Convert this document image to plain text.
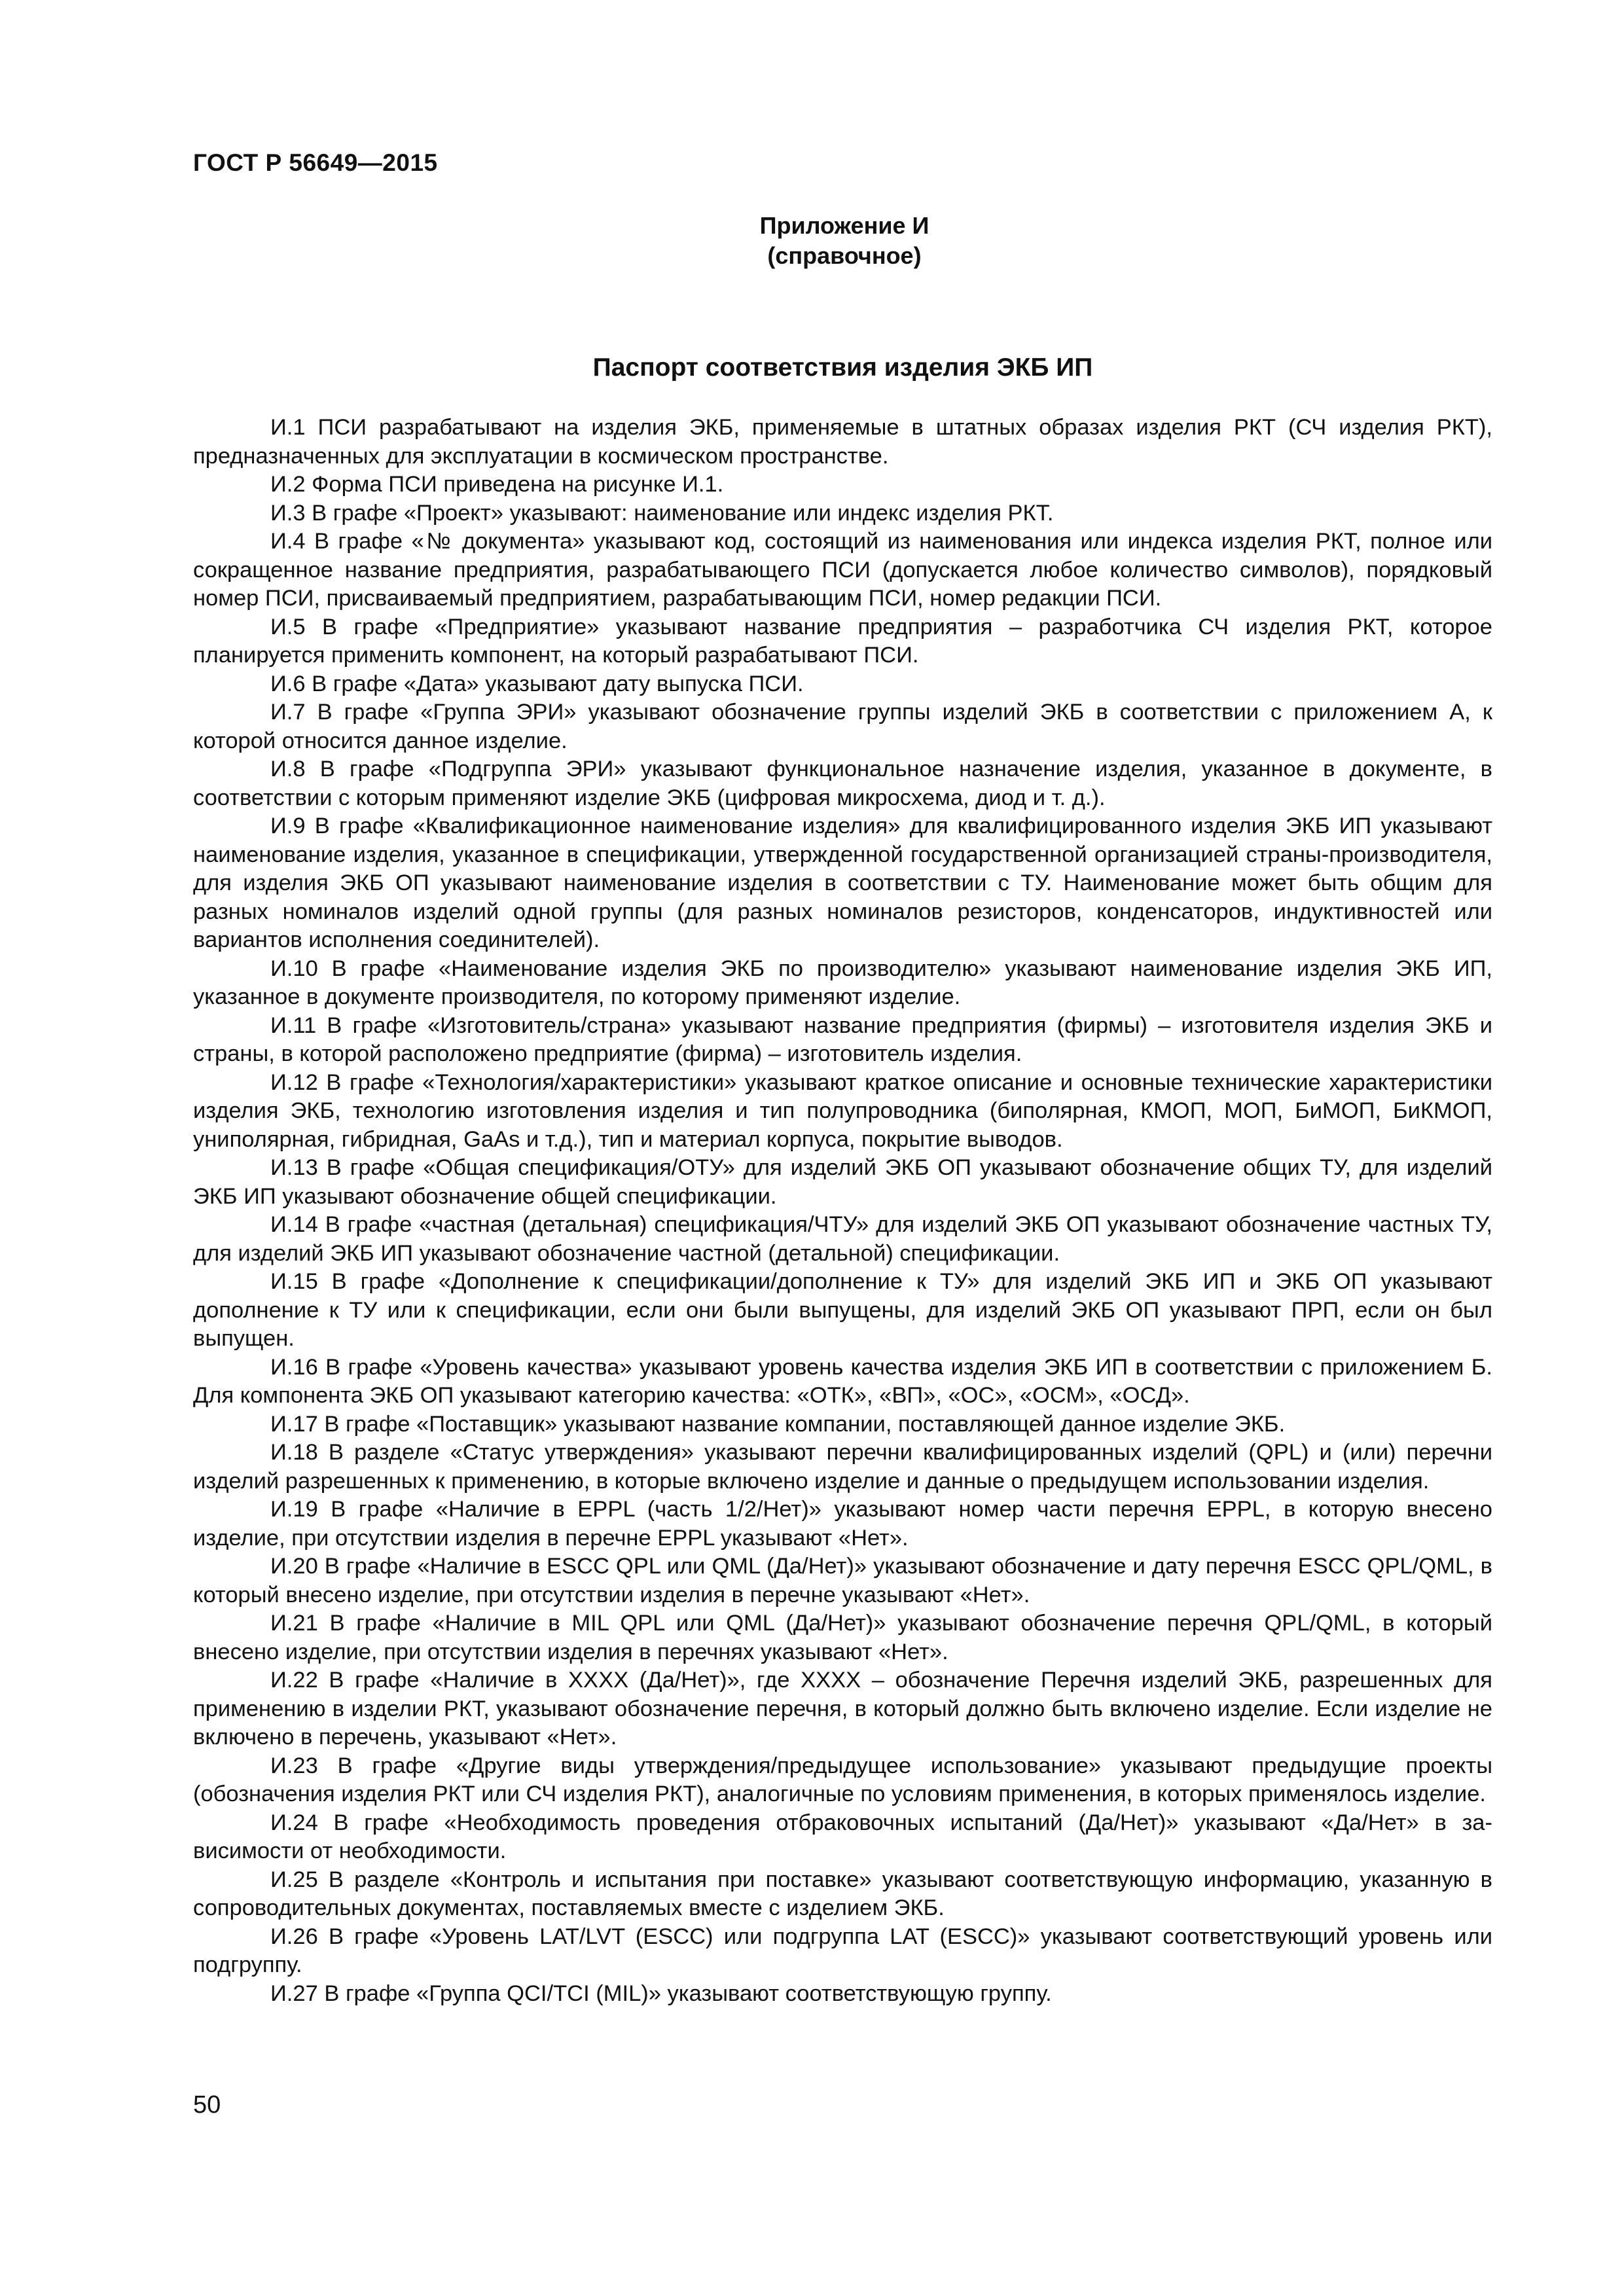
ГОСТ Р 56649—2015
Приложение И
(справочное)
Паспорт соответствия изделия ЭКБ ИП

И.1 ПСИ разрабатывают на изделия ЭКБ, применяемые в штатных образах изделия РКТ (СЧ изделия РКТ), предназначенных для эксплуатации в космическом пространстве.

И.2 Форма ПСИ приведена на рисунке И.1.

И.3 В графе «Проект» указывают: наименование или индекс изделия РКТ.

И.4 В графе «№ документа» указывают код, состоящий из наименования или индекса изделия РКТ, полное или сокращенное название предприятия, разрабатывающего ПСИ (допускается любое количество символов), порядковый номер ПСИ, присваиваемый предприятием, разрабатывающим ПСИ, номер редакции ПСИ.

И.5 В графе «Предприятие» указывают название предприятия – разработчика СЧ изделия РКТ, которое планируется применить компонент, на который разрабатывают ПСИ.

И.6 В графе «Дата» указывают дату выпуска ПСИ.

И.7 В графе «Группа ЭРИ» указывают обозначение группы изделий ЭКБ в соответствии с приложением А, к которой относится данное изделие.

И.8 В графе «Подгруппа ЭРИ» указывают функциональное назначение изделия, указанное в документе, в соответствии с которым применяют изделие ЭКБ (цифровая микросхема, диод и т. д.).

И.9 В графе «Квалификационное наименование изделия» для квалифицированного изделия ЭКБ ИП указывают наименование изделия, указанное в спецификации, утвержденной государственной организацией страны-производителя, для изделия ЭКБ ОП указывают наименование изделия в соответствии с ТУ. Наименование может быть общим для разных номиналов изделий одной группы (для разных номиналов резисторов, конденсаторов, индуктивностей или вариантов исполнения соединителей).

И.10 В графе «Наименование изделия ЭКБ по производителю» указывают наименование изделия ЭКБ ИП, указанное в документе производителя, по которому применяют изделие.

И.11 В графе «Изготовитель/страна» указывают название предприятия (фирмы) – изготовителя изделия ЭКБ и страны, в которой расположено предприятие (фирма) – изготовитель изделия.

И.12 В графе «Технология/характеристики» указывают краткое описание и основные технические характеристики изделия ЭКБ, технологию изготовления изделия и тип полупроводника (биполярная, КМОП, МОП, БиМОП, БиКМОП, униполярная, гибридная, GaAs и т.д.), тип и материал корпуса, покрытие выводов.

И.13 В графе «Общая спецификация/ОТУ» для изделий ЭКБ ОП указывают обозначение общих ТУ, для изделий ЭКБ ИП указывают обозначение общей спецификации.

И.14 В графе «частная (детальная) спецификация/ЧТУ» для изделий ЭКБ ОП указывают обозначение частных ТУ, для изделий ЭКБ ИП указывают обозначение частной (детальной) спецификации.

И.15 В графе «Дополнение к спецификации/дополнение к ТУ» для изделий ЭКБ ИП и ЭКБ ОП указывают дополнение к ТУ или к спецификации, если они были выпущены, для изделий ЭКБ ОП указывают ПРП, если он был выпущен.

И.16 В графе «Уровень качества» указывают уровень качества изделия ЭКБ ИП в соответствии с приложением Б. Для компонента ЭКБ ОП указывают категорию качества: «ОТК», «ВП», «ОС», «ОСМ», «ОСД».

И.17 В графе «Поставщик» указывают название компании, поставляющей данное изделие ЭКБ.

И.18 В разделе «Статус утверждения» указывают перечни квалифицированных изделий (QPL) и (или) перечни изделий разрешенных к применению, в которые включено изделие и данные о предыдущем использовании изделия.

И.19 В графе «Наличие в EPPL (часть 1/2/Нет)» указывают номер части перечня EPPL, в которую внесено изделие, при отсутствии изделия в перечне EPPL указывают «Нет».

И.20 В графе «Наличие в ESCC QPL или QML (Да/Нет)» указывают обозначение и дату перечня ESCC QPL/QML, в который внесено изделие, при отсутствии изделия в перечне указывают «Нет».

И.21 В графе «Наличие в MIL QPL или QML (Да/Нет)» указывают обозначение перечня QPL/QML, в который внесено изделие, при отсутствии изделия в перечнях указывают «Нет».

И.22 В графе «Наличие в ХХХХ (Да/Нет)», где ХХХХ – обозначение Перечня изделий ЭКБ, разрешенных для применению в изделии РКТ, указывают обозначение перечня, в который должно быть включено изделие. Если изделие не включено в перечень, указывают «Нет».

И.23 В графе «Другие виды утверждения/предыдущее использование» указывают предыдущие проекты (обозначения изделия РКТ или СЧ изделия РКТ), аналогичные по условиям применения, в которых применялось изделие.

И.24 В графе «Необходимость проведения отбраковочных испытаний (Да/Нет)» указывают «Да/Нет» в зависимости от необходимости.

И.25 В разделе «Контроль и испытания при поставке» указывают соответствующую информацию, указанную в сопроводительных документах, поставляемых вместе с изделием ЭКБ.

И.26 В графе «Уровень LAT/LVT (ESCC) или подгруппа LAT (ESCC)» указывают соответствующий уровень или подгруппу.

И.27 В графе «Группа QCI/TCI (MIL)» указывают соответствующую группу.

50
